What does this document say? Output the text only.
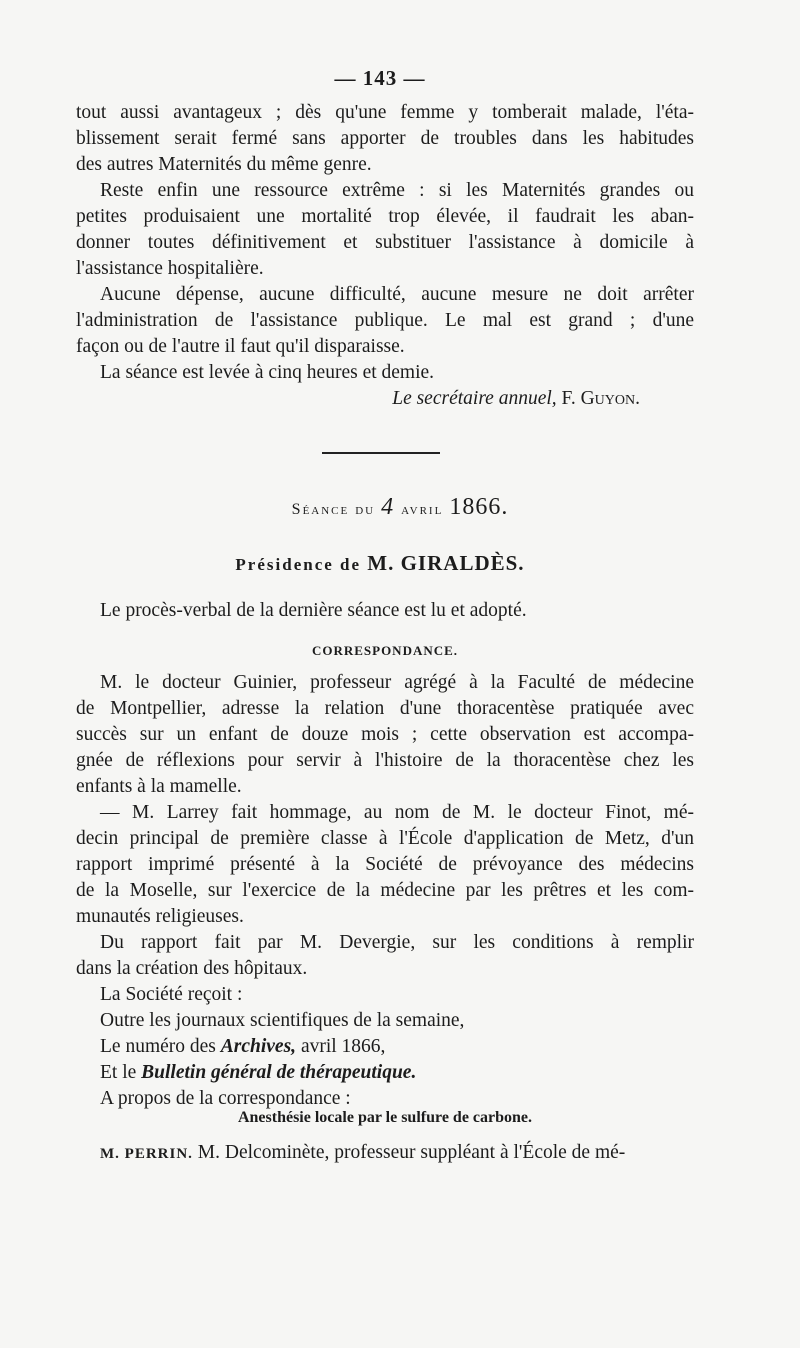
— 143 —
tout aussi avantageux ; dès qu'une femme y tomberait malade, l'éta-
blissement serait fermé sans apporter de troubles dans les habitudes
des autres Maternités du même genre.
Reste enfin une ressource extrême : si les Maternités grandes ou
petites produisaient une mortalité trop élevée, il faudrait les aban-
donner toutes définitivement et substituer l'assistance à domicile à
l'assistance hospitalière.
Aucune dépense, aucune difficulté, aucune mesure ne doit arrêter
l'administration de l'assistance publique. Le mal est grand ; d'une
façon ou de l'autre il faut qu'il disparaisse.
La séance est levée à cinq heures et demie.
Le secrétaire annuel, F. Guyon.
Séance du 4 avril 1866.
Présidence de M. GIRALDÈS.
Le procès-verbal de la dernière séance est lu et adopté.
CORRESPONDANCE.
M. le docteur Guinier, professeur agrégé à la Faculté de médecine
de Montpellier, adresse la relation d'une thoracentèse pratiquée avec
succès sur un enfant de douze mois ; cette observation est accompa-
gnée de réflexions pour servir à l'histoire de la thoracentèse chez les
enfants à la mamelle.
— M. Larrey fait hommage, au nom de M. le docteur Finot, mé-
decin principal de première classe à l'École d'application de Metz, d'un
rapport imprimé présenté à la Société de prévoyance des médecins
de la Moselle, sur l'exercice de la médecine par les prêtres et les com-
munautés religieuses.
Du rapport fait par M. Devergie, sur les conditions à remplir
dans la création des hôpitaux.
La Société reçoit :
Outre les journaux scientifiques de la semaine,
Le numéro des Archives, avril 1866,
Et le Bulletin général de thérapeutique.
A propos de la correspondance :
Anesthésie locale par le sulfure de carbone.
M. PERRIN. M. Delcominète, professeur suppléant à l'École de mé-
